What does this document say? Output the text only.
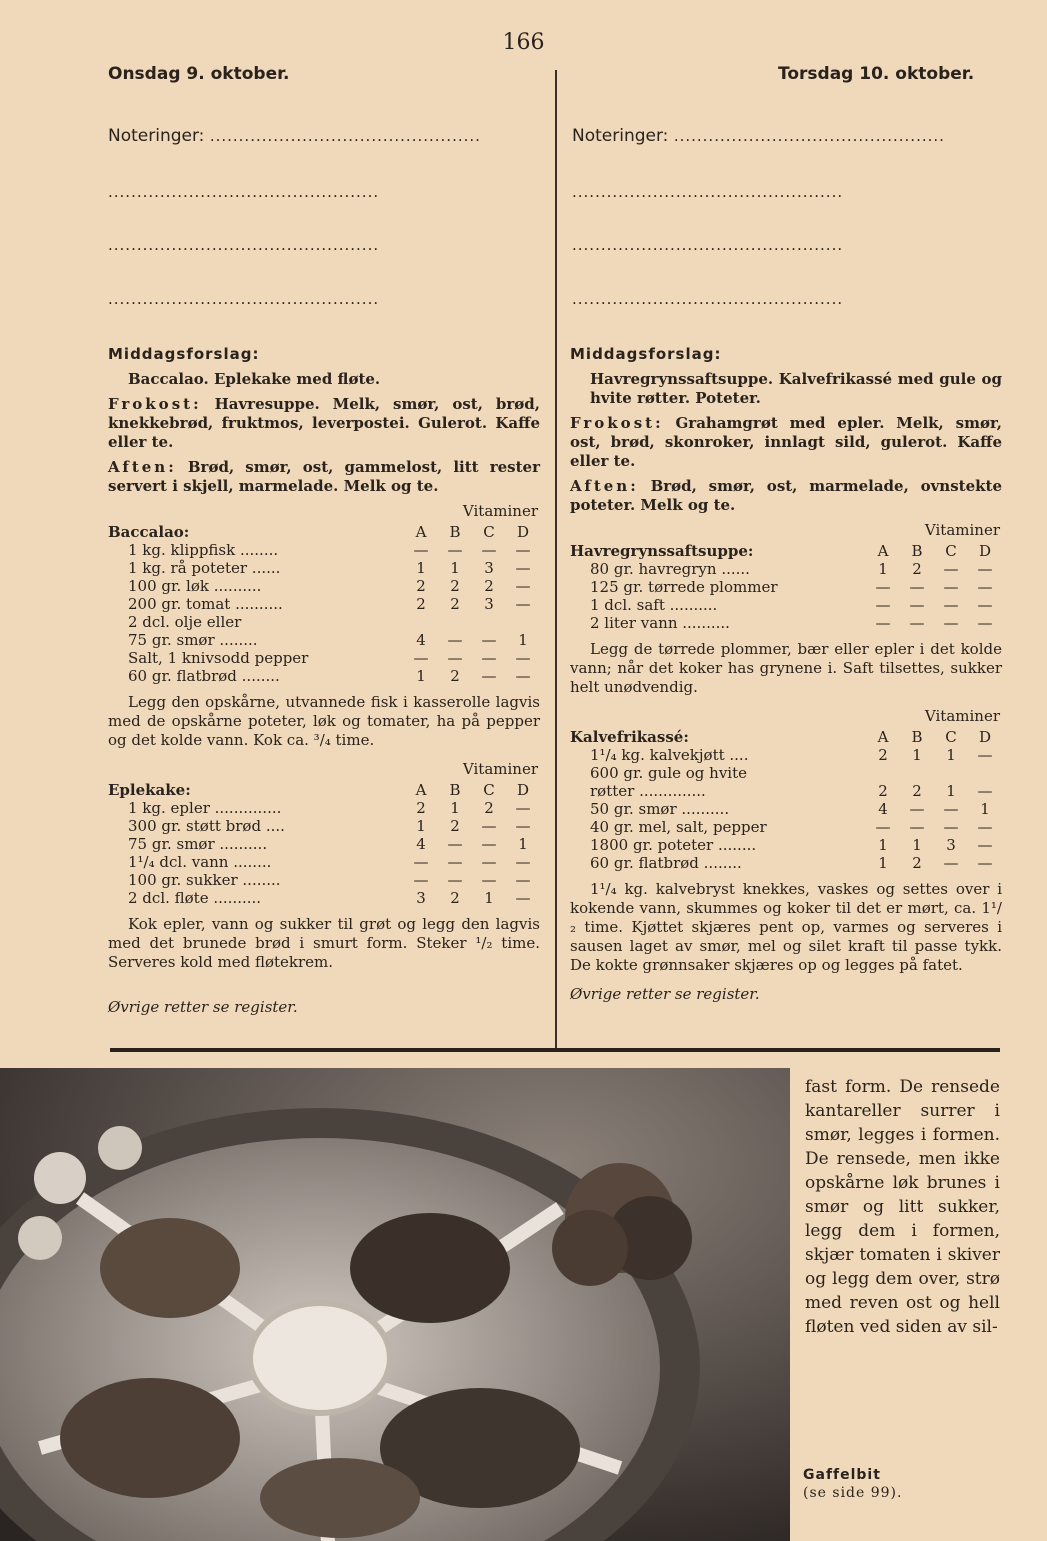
166
Onsdag 9. oktober.	Torsdag 10. oktober.
Noteringer: ...............................................
...............................................
...............................................
...............................................
Noteringer: ...............................................
...............................................
...............................................
...............................................
Middagsforslag:
Baccalao. Eplekake med fløte.
Frokost: Havresuppe. Melk, smør, ost, brød, knekkebrød, fruktmos, leverpostei. Gulerot. Kaffe eller te.
Aften: Brød, smør, ost, gammelost, litt rester servert i skjell, marmelade. Melk og te.
Vitaminer
Baccalao:	A	B	C	D
1 kg. klippfisk ........	—	—	—	—
1 kg. rå poteter ......	1	1	3	—
100 gr. løk ..........	2	2	2	—
200 gr. tomat ..........	2	2	3	—
2 dcl. olje eller				
75 gr. smør ........	4	—	—	1
Salt, 1 knivsodd pepper	—	—	—	—
60 gr. flatbrød ........	1	2	—	—
Legg den opskårne, utvannede fisk i kasserolle lagvis med de opskårne poteter, løk og tomater, ha på pepper og det kolde vann. Kok ca. ³/₄ time.
Vitaminer
Eplekake:	A	B	C	D
1 kg. epler ..............	2	1	2	—
300 gr. støtt brød ....	1	2	—	—
75 gr. smør ..........	4	—	—	1
1¹/₄ dcl. vann ........	—	—	—	—
100 gr. sukker ........	—	—	—	—
2 dcl. fløte ..........	3	2	1	—
Kok epler, vann og sukker til grøt og legg den lagvis med det brunede brød i smurt form. Steker ¹/₂ time. Serveres kold med fløtekrem.
Øvrige retter se register.
Middagsforslag:
Havregrynssaftsuppe. Kalvefrikassé med gule og hvite røtter. Poteter.
Frokost: Grahamgrøt med epler. Melk, smør, ost, brød, skonroker, innlagt sild, gulerot. Kaffe eller te.
Aften: Brød, smør, ost, marmelade, ovnstekte poteter. Melk og te.
Vitaminer
Havregrynssaftsuppe:	A	B	C	D
80 gr. havregryn ......	1	2	—	—
125 gr. tørrede plommer	—	—	—	—
1 dcl. saft ..........	—	—	—	—
2 liter vann ..........	—	—	—	—
Legg de tørrede plommer, bær eller epler i det kolde vann; når det koker has grynene i. Saft tilsettes, sukker helt unødvendig.
Vitaminer
Kalvefrikassé:	A	B	C	D
1¹/₄ kg. kalvekjøtt ....	2	1	1	—
600 gr. gule og hvite				
røtter ..............	2	2	1	—
50 gr. smør ..........	4	—	—	1
40 gr. mel, salt, pepper	—	—	—	—
1800 gr. poteter ........	1	1	3	—
60 gr. flatbrød ........	1	2	—	—
1¹/₄ kg. kalvebryst knekkes, vaskes og settes over i kokende vann, skummes og koker til det er mørt, ca. 1¹/₂ time. Kjøttet skjæres pent op, varmes og serveres i sausen laget av smør, mel og silet kraft til passe tykk. De kokte grønnsaker skjæres op og legges på fatet.
Øvrige retter se register.
fast form. De rensede kantareller surrer i smør, legges i formen. De rensede, men ikke opskårne løk brunes i smør og litt sukker, legg dem i formen, skjær tomaten i skiver og legg dem over, strø med reven ost og hell fløten ved siden av sil-
Gaffelbit
(se side 99).
